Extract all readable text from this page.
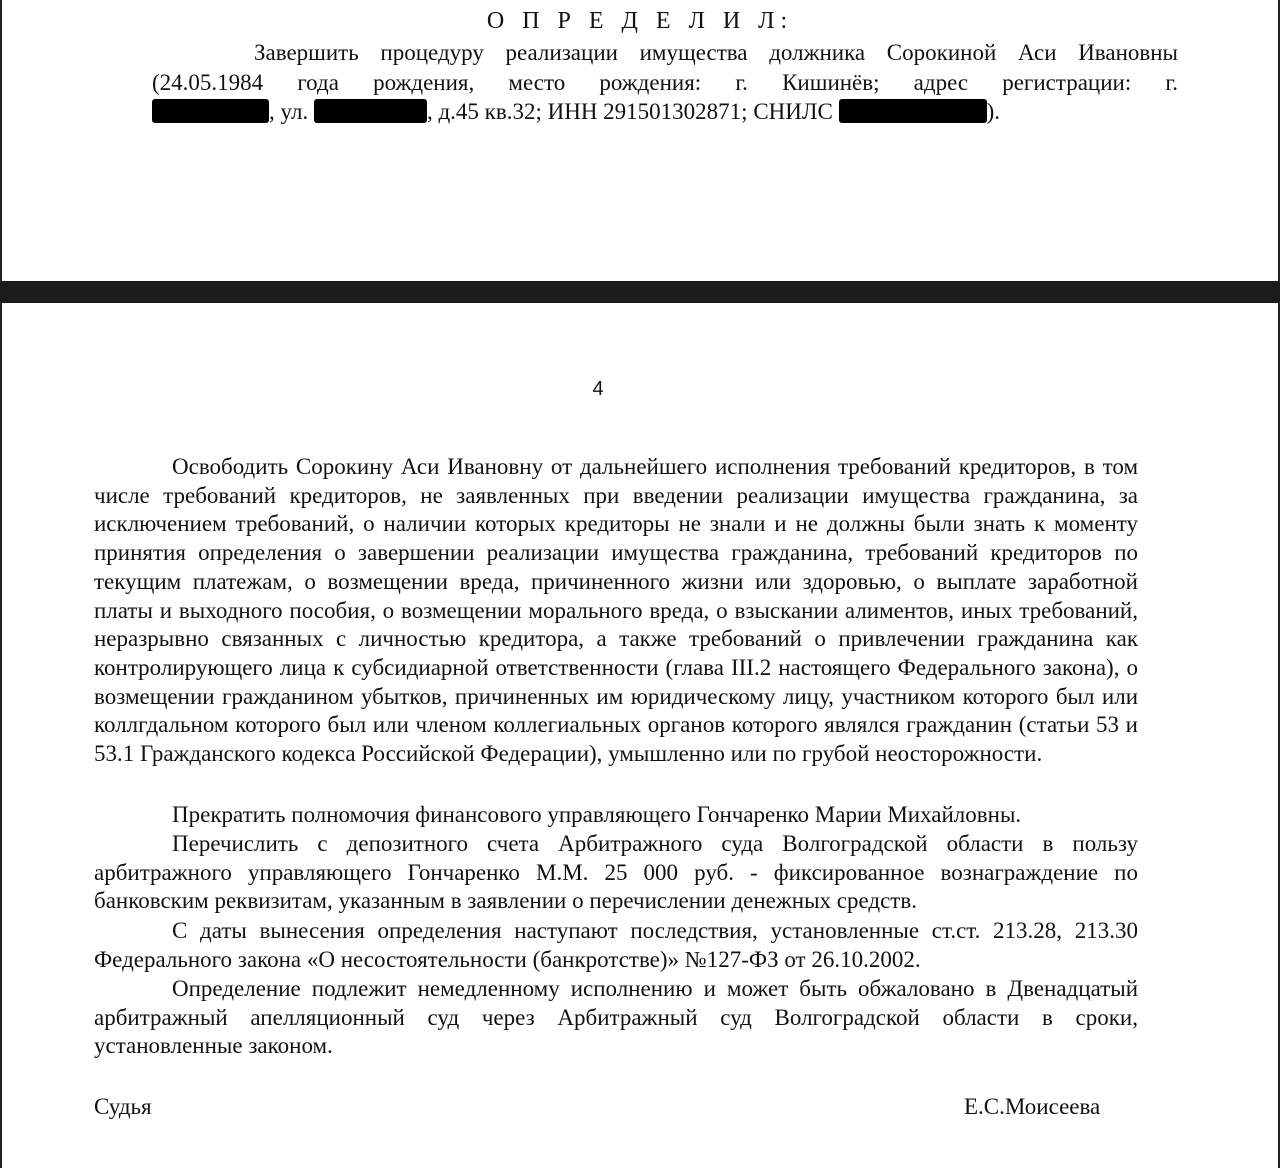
О П Р Е Д Е Л И Л:
Завершить процедуру реализации имущества должника Сорокиной Аси Ивановны
(24.05.1984 года рождения, место рождения: г. Кишинёв; адрес регистрации: г.
, ул.	, д.45 кв.32; ИНН 291501302871; СНИЛС	).
4

Освободить Сорокину Аси Ивановну от дальнейшего исполнения требований кредиторов, в том числе требований кредиторов, не заявленных при введении реализации имущества гражданина, за исключением требований, о наличии которых кредиторы не знали и не должны были знать к моменту принятия определения о завершении реализации имущества гражданина, требований кредиторов по текущим платежам, о возмещении вреда, причиненного жизни или здоровью, о выплате заработной платы и выходного пособия, о возмещении морального вреда, о взыскании алиментов, иных требований, неразрывно связанных с личностью кредитора, а также требований о привлечении гражданина как контролирующего лица к субсидиарной ответственности (глава III.2 настоящего Федерального закона), о возмещении гражданином убытков, причиненных им юридическому лицу, участником которого был или коллгдальном которого был или членом коллегиальных органов которого являлся гражданин (статьи 53 и 53.1 Гражданского кодекса Российской Федерации), умышленно или по грубой неосторожности.

Прекратить полномочия финансового управляющего Гончаренко Марии Михайловны.

Перечислить с депозитного счета Арбитражного суда Волгоградской области в пользу арбитражного управляющего Гончаренко М.М. 25 000 руб. - фиксированное вознаграждение по банковским реквизитам, указанным в заявлении о перечислении денежных средств.

С даты вынесения определения наступают последствия, установленные ст.ст. 213.28, 213.30 Федерального закона «О несостоятельности (банкротстве)» №127-ФЗ от 26.10.2002.

Определение подлежит немедленному исполнению и может быть обжаловано в Двенадцатый арбитражный апелляционный суд через Арбитражный суд Волгоградской области в сроки, установленные законом.

Судья	Е.С.Моисеева
